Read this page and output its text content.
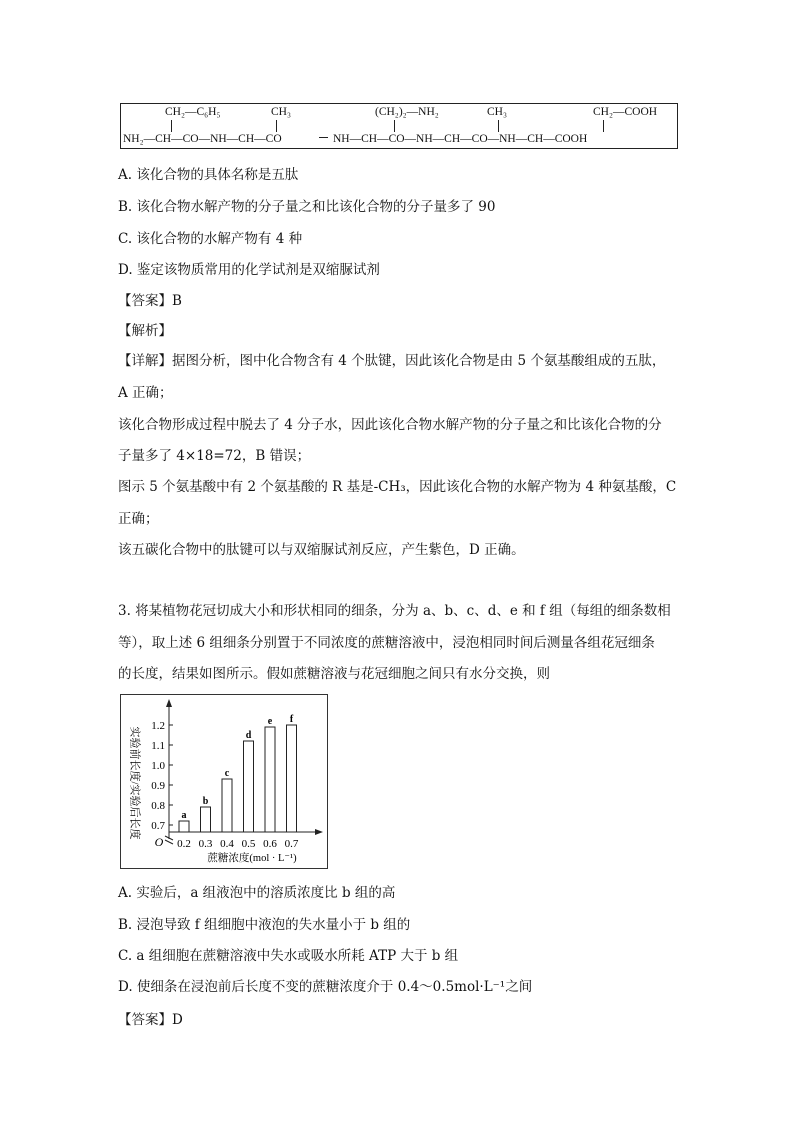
CH₂—C₆H₅	CH₃	(CH₂)₂—NH₂	CH₃	CH₂—COOH
NH₂—CH—CO—NH—CH—CO	NH—CH—CO—NH—CH—CO—NH—CH—COOH
A. 该化合物的具体名称是五肽
B. 该化合物水解产物的分子量之和比该化合物的分子量多了 90
C. 该化合物的水解产物有 4 种
D. 鉴定该物质常用的化学试剂是双缩脲试剂
【答案】B
【解析】
【详解】据图分析，图中化合物含有 4 个肽键，因此该化合物是由 5 个氨基酸组成的五肽，
A 正确；
该化合物形成过程中脱去了 4 分子水，因此该化合物水解产物的分子量之和比该化合物的分
子量多了 4×18=72，B 错误；
图示 5 个氨基酸中有 2 个氨基酸的 R 基是-CH₃，因此该化合物的水解产物为 4 种氨基酸，C
正确；
该五碳化合物中的肽键可以与双缩脲试剂反应，产生紫色，D 正确。
3. 将某植物花冠切成大小和形状相同的细条，分为 a、b、c、d、e 和 f 组（每组的细条数相
等），取上述 6 组细条分别置于不同浓度的蔗糖溶液中，浸泡相同时间后测量各组花冠细条
的长度，结果如图所示。假如蔗糖溶液与花冠细胞之间只有水分交换，则
实验前长度/实验后长度 0.7
0.8
0.9
1.0
1.1
1.2
a
b
c
d
e f
0.2 0.3 0.4 0.5 0.6 0.7
O
蔗糖浓度(mol · L⁻¹)
A. 实验后，a 组液泡中的溶质浓度比 b 组的高
B. 浸泡导致 f 组细胞中液泡的失水量小于 b 组的
C. a 组细胞在蔗糖溶液中失水或吸水所耗 ATP 大于 b 组
D. 使细条在浸泡前后长度不变的蔗糖浓度介于 0.4～0.5mol·L⁻¹之间
【答案】D
